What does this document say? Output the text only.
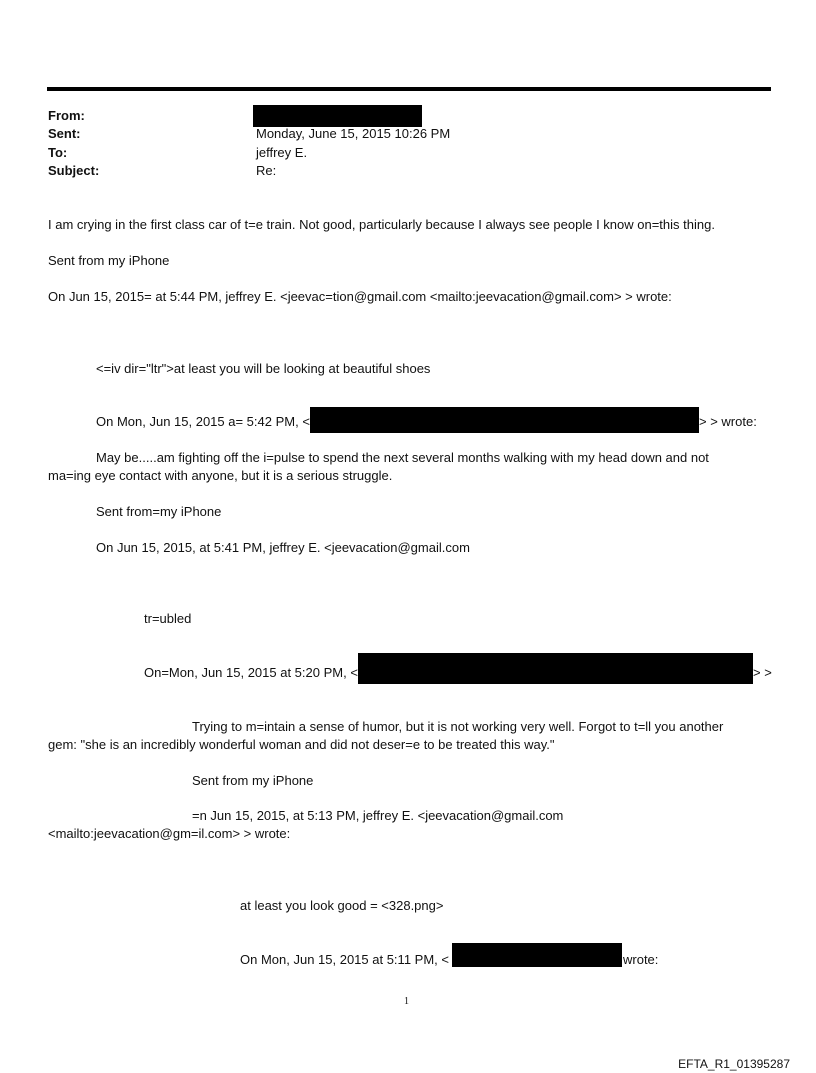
From:
Sent:	Monday, June 15, 2015 10:26 PM
To:	jeffrey E.
Subject:	Re:
I am crying in the first class car of t=e train. Not good, particularly because I always see people I know on=this thing.
Sent from my iPhone
On Jun 15, 2015= at 5:44 PM, jeffrey E. <jeevac=tion@gmail.com <mailto:jeevacation@gmail.com> > wrote:
<=iv dir="ltr">at least you will be looking at beautiful shoes
On Mon, Jun 15, 2015 a= 5:42 PM, <	> > wrote:
May be.....am fighting off the i=pulse to spend the next several months walking with my head down and not
ma=ing eye contact with anyone, but it is a serious struggle.
Sent from=my iPhone
On Jun 15, 2015, at 5:41 PM, jeffrey E. <jeevacation@gmail.com
tr=ubled
On=Mon, Jun 15, 2015 at 5:20 PM, <	> >
Trying to m=intain a sense of humor, but it is not working very well. Forgot to t=ll you another
gem: "she is an incredibly wonderful woman and did not deser=e to be treated this way."
Sent from my iPhone
=n Jun 15, 2015, at 5:13 PM, jeffrey E. <jeevacation@gmail.com
<mailto:jeevacation@gm=il.com> > wrote:
at least you look good = <328.png>
On Mon, Jun 15, 2015 at 5:11 PM, <	wrote:
1
EFTA_R1_01395287
